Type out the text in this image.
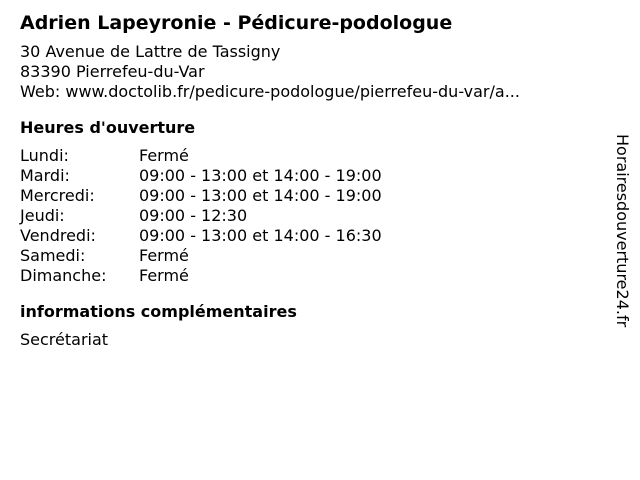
Adrien Lapeyronie - Pédicure-podologue
30 Avenue de Lattre de Tassigny
83390 Pierrefeu-du-Var
Web: www.doctolib.fr/pedicure-podologue/pierrefeu-du-var/a...
Heures d'ouverture
Lundi:	Fermé
Mardi:	09:00 - 13:00 et 14:00 - 19:00
Mercredi:	09:00 - 13:00 et 14:00 - 19:00
Jeudi:	09:00 - 12:30
Vendredi:	09:00 - 13:00 et 14:00 - 16:30
Samedi:	Fermé
Dimanche:	Fermé
informations complémentaires
Secrétariat
Horairesdouverture24.fr
